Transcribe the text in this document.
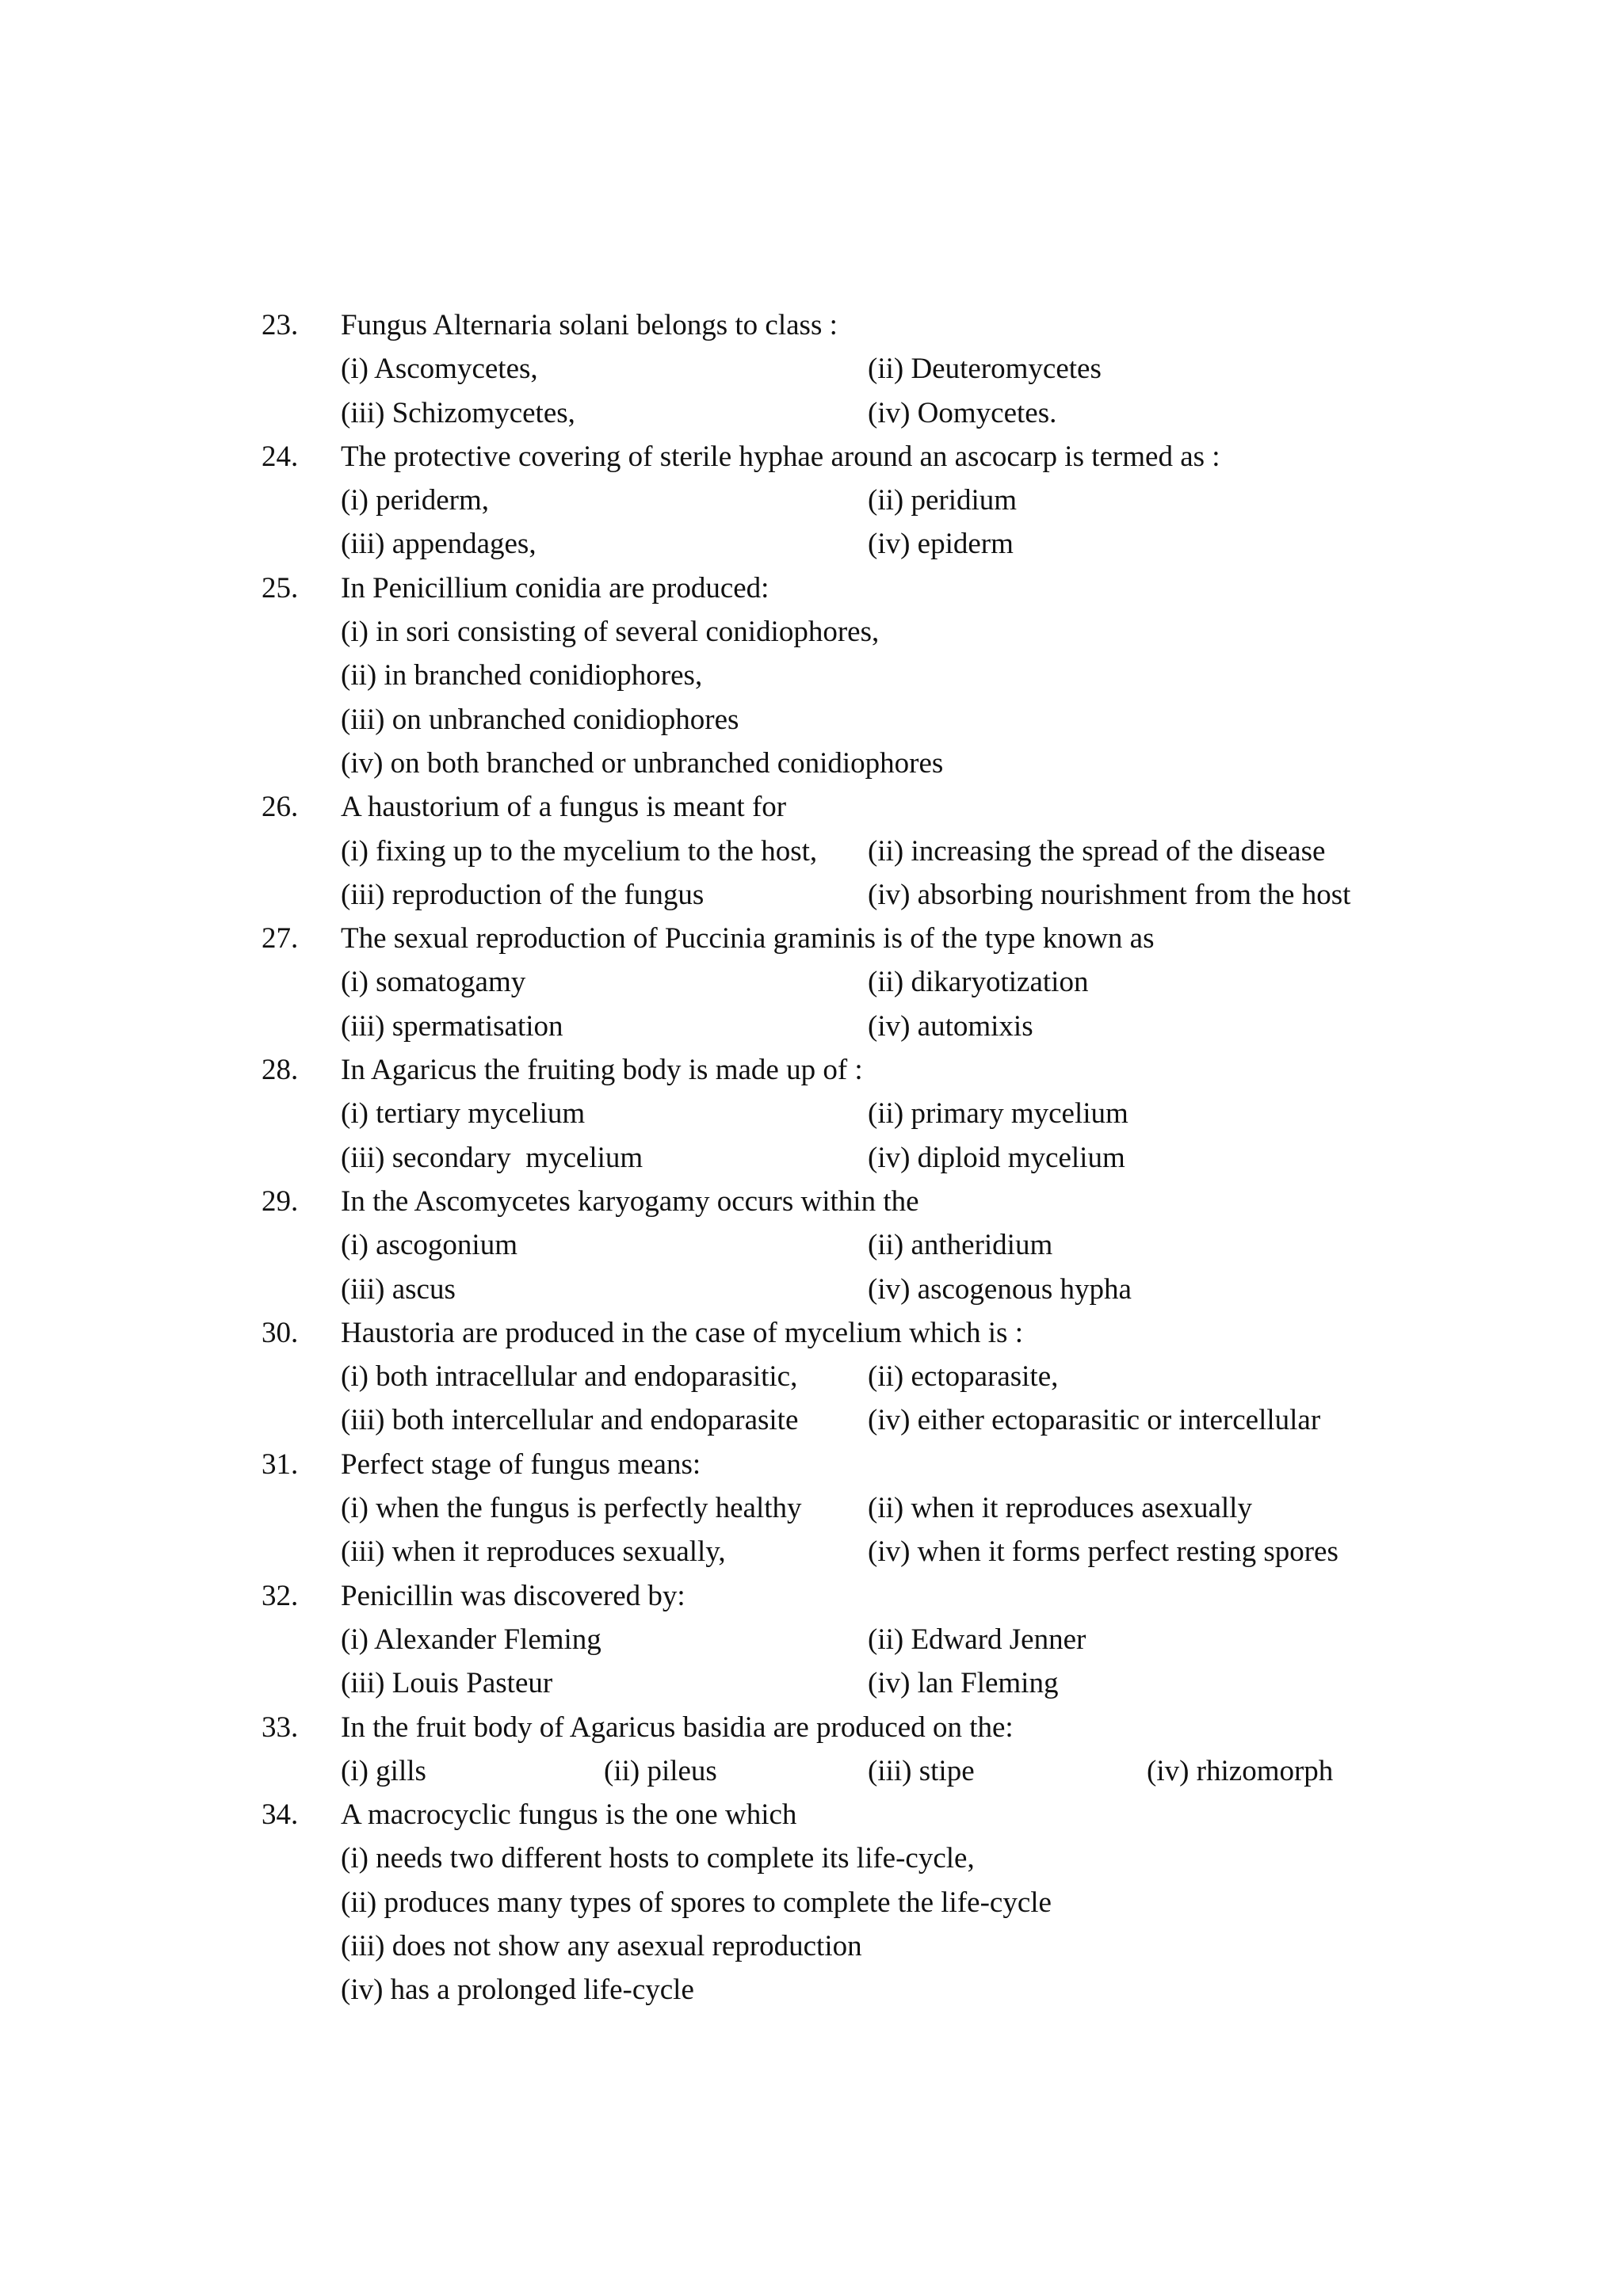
23. Fungus Alternaria solani belongs to class :
(i) Ascomycetes,	(ii) Deuteromycetes
(iii) Schizomycetes,	(iv) Oomycetes.
24. The protective covering of sterile hyphae around an ascocarp is termed as :
(i) periderm,	(ii) peridium
(iii) appendages,	(iv) epiderm
25. In Penicillium conidia are produced:
(i) in sori consisting of several conidiophores,
(ii) in branched conidiophores,
(iii) on unbranched conidiophores
(iv) on both branched or unbranched conidiophores
26. A haustorium of a fungus is meant for
(i) fixing up to the mycelium to the host, (ii) increasing the spread of the disease
(iii) reproduction of the fungus	(iv) absorbing nourishment from the host
27. The sexual reproduction of Puccinia graminis is of the type known as
(i) somatogamy	(ii) dikaryotization
(iii) spermatisation	(iv) automixis
28. In Agaricus the fruiting body is made up of :
(i) tertiary mycelium	(ii) primary mycelium
(iii) secondary  mycelium	(iv) diploid mycelium
29. In the Ascomycetes karyogamy occurs within the
(i) ascogonium	(ii) antheridium
(iii) ascus	(iv) ascogenous hypha
30. Haustoria are produced in the case of mycelium which is :
(i) both intracellular and endoparasitic, (ii) ectoparasite,
(iii) both intercellular and endoparasite (iv) either ectoparasitic or intercellular
31. Perfect stage of fungus means:
(i) when the fungus is perfectly healthy (ii) when it reproduces asexually
(iii) when it reproduces sexually,	(iv) when it forms perfect resting spores
32. Penicillin was discovered by:
(i) Alexander Fleming	(ii) Edward Jenner
(iii) Louis Pasteur	(iv) lan Fleming
33. In the fruit body of Agaricus basidia are produced on the:
(i) gills	(ii) pileus	(iii) stipe	(iv) rhizomorph
34. A macrocyclic fungus is the one which
(i) needs two different hosts to complete its life-cycle,
(ii) produces many types of spores to complete the life-cycle
(iii) does not show any asexual reproduction
(iv) has a prolonged life-cycle
